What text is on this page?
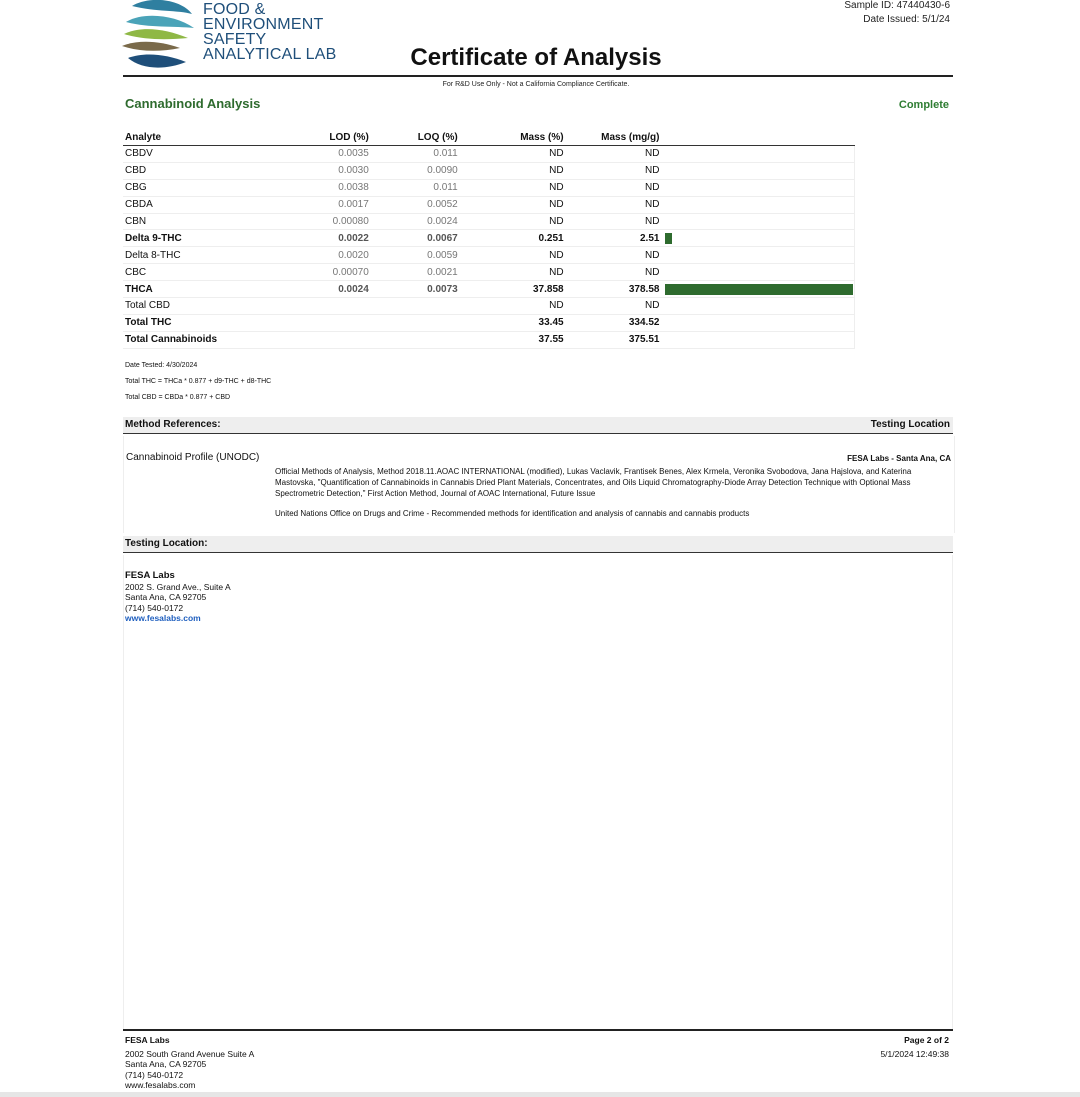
FOOD &
ENVIRONMENT
SAFETY
ANALYTICAL LAB
Sample ID: 47440430-6
Date Issued: 5/1/24
Certificate of Analysis
For R&D Use Only - Not a California Compliance Certificate.
Cannabinoid Analysis	Complete
Analyte	LOD (%)	LOQ (%)	Mass (%)	Mass (mg/g)	
CBDV	0.0035	0.011	ND	ND	
CBD	0.0030	0.0090	ND	ND	
CBG	0.0038	0.011	ND	ND	
CBDA	0.0017	0.0052	ND	ND	
CBN	0.00080	0.0024	ND	ND	
Delta 9-THC	0.0022	0.0067	0.251	2.51	
Delta 8-THC	0.0020	0.0059	ND	ND	
CBC	0.00070	0.0021	ND	ND	
THCA	0.0024	0.0073	37.858	378.58	
Total CBD			ND	ND	
Total THC			33.45	334.52	
Total Cannabinoids			37.55	375.51	
Date Tested: 4/30/2024
Total THC = THCa * 0.877 + d9-THC + d8-THC
Total CBD = CBDa * 0.877 + CBD
Method References:	Testing Location
Cannabinoid Profile (UNODC)	FESA Labs - Santa Ana, CA
Official Methods of Analysis, Method 2018.11.AOAC INTERNATIONAL (modified), Lukas Vaclavik, Frantisek Benes, Alex Krmela, Veronika Svobodova, Jana Hajslova, and Katerina Mastovska, "Quantification of Cannabinoids in Cannabis Dried Plant Materials, Concentrates, and Oils Liquid Chromatography-Diode Array Detection Technique with Optional Mass Spectrometric Detection," First Action Method, Journal of AOAC International, Future Issue
United Nations Office on Drugs and Crime - Recommended methods for identification and analysis of cannabis and cannabis products
Testing Location:
FESA Labs
2002 S. Grand Ave., Suite A
Santa Ana, CA 92705
(714) 540-0172
www.fesalabs.com
FESA Labs
2002 South Grand Avenue Suite A
Santa Ana, CA 92705
(714) 540-0172
www.fesalabs.com
Page 2 of 2
5/1/2024 12:49:38
